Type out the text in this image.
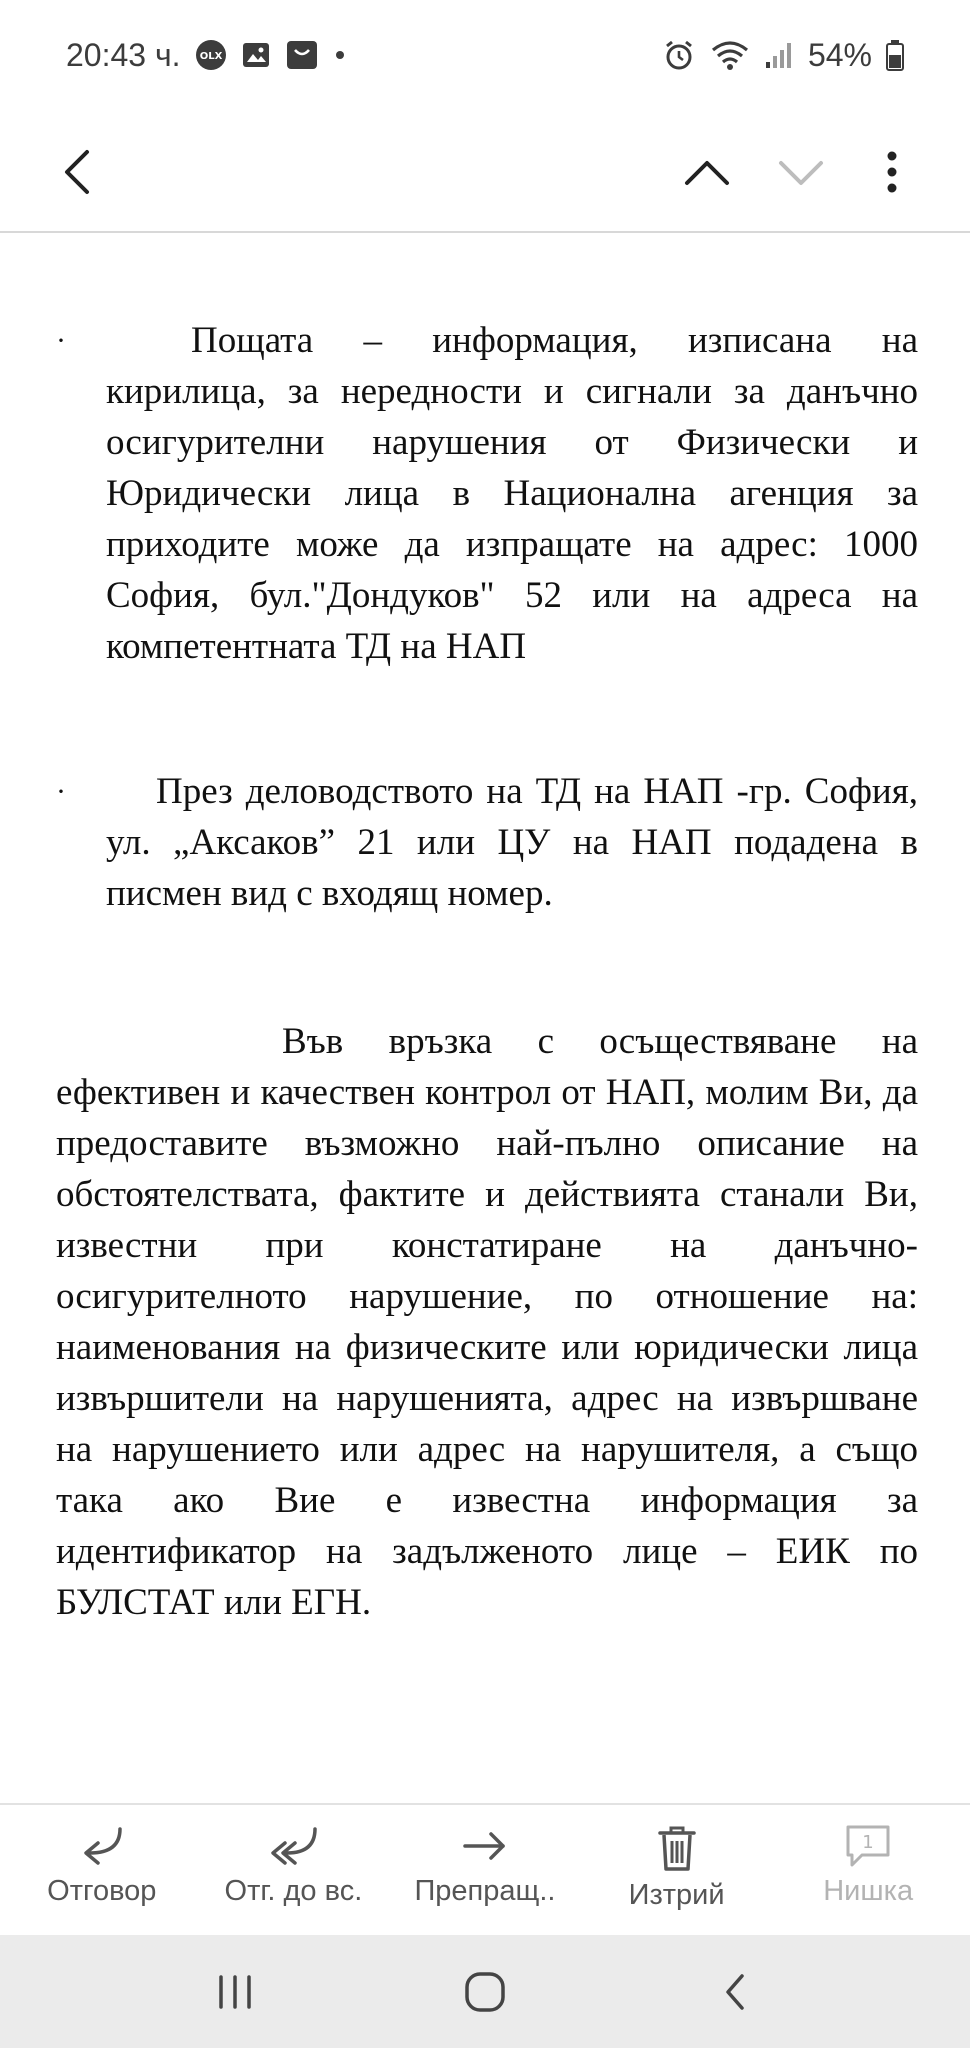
20:43 ч. OLX	54%
·	Пощата – информация, изписана на кирилица, за нередности и сигнали за данъчно осигурителни нарушения от Физически и Юридически лица в Национална агенция за приходите може да изпращате на адрес: 1000 София, бул."Дондуков" 52 или на адреса на компетентната ТД на НАП

·	През деловодството на ТД на НАП -гр. София, ул. „Аксаков” 21 или ЦУ на НАП подадена в писмен вид с входящ номер.

Във връзка с осъществяване на ефективен и качествен контрол от НАП, молим Ви, да предоставите възможно най-пълно описание на обстоятелствата, фактите и действията станали Ви, известни при констатиране на данъчно-осигурителното нарушение, по отношение на: наименования на физическите или юридически лица извършители на нарушенията, адрес на извършване на нарушението или адрес на нарушителя, а също така ако Вие е известна информация за идентификатор на задълженото лице – ЕИК по БУЛСТАТ или ЕГН.

Отговор Отг. до вс. Препращ..	Изтрий
1
Нишка
